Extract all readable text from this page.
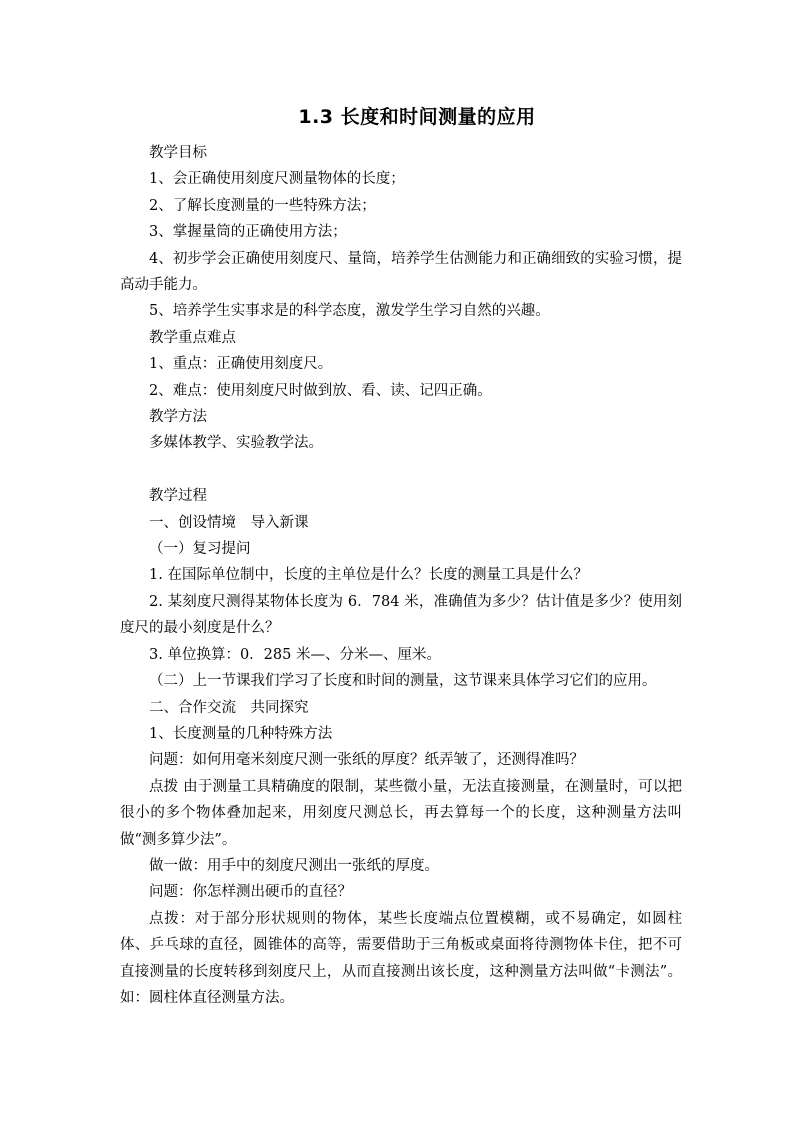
1.3 长度和时间测量的应用

教学目标

1、会正确使用刻度尺测量物体的长度；

2、了解长度测量的一些特殊方法；

3、掌握量筒的正确使用方法；

4、初步学会正确使用刻度尺、量筒，培养学生估测能力和正确细致的实验习惯，提高动手能力。

5、培养学生实事求是的科学态度，激发学生学习自然的兴趣。

教学重点难点

1、重点：正确使用刻度尺。

2、难点：使用刻度尺时做到放、看、读、记四正确。

教学方法

多媒体教学、实验教学法。

教学过程

一、创设情境　导入新课

（一）复习提问

1. 在国际单位制中，长度的主单位是什么？长度的测量工具是什么？

2. 某刻度尺测得某物体长度为 6．784 米，准确值为多少？估计值是多少？使用刻度尺的最小刻度是什么？

3. 单位换算：0．285 米—、分米—、厘米。

（二）上一节课我们学习了长度和时间的测量，这节课来具体学习它们的应用。

二、合作交流　共同探究

1、长度测量的几种特殊方法

问题：如何用毫米刻度尺测一张纸的厚度？纸弄皱了，还测得准吗？

点拨 由于测量工具精确度的限制，某些微小量，无法直接测量，在测量时，可以把很小的多个物体叠加起来，用刻度尺测总长，再去算每一个的长度，这种测量方法叫做“测多算少法”。

做一做：用手中的刻度尺测出一张纸的厚度。

问题：你怎样测出硬币的直径？

点拨：对于部分形状规则的物体，某些长度端点位置模糊，或不易确定，如圆柱体、乒乓球的直径，圆锥体的高等，需要借助于三角板或桌面将待测物体卡住，把不可直接测量的长度转移到刻度尺上，从而直接测出该长度，这种测量方法叫做“卡测法”。如：圆柱体直径测量方法。
